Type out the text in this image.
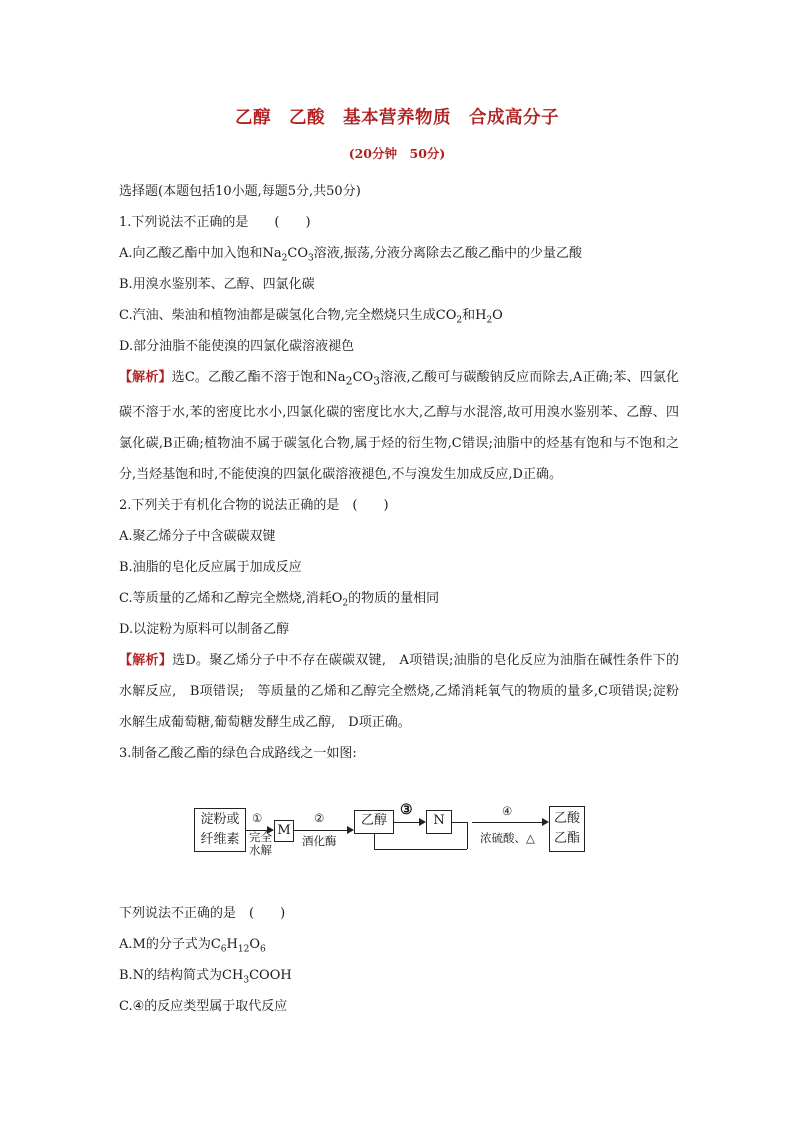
乙醇　乙酸　基本营养物质　合成高分子
(20分钟　50分)
选择题(本题包括10小题,每题5分,共50分)
1.下列说法不正确的是　　(　　)
A.向乙酸乙酯中加入饱和$Na_2CO_3$溶液,振荡,分液分离除去乙酸乙酯中的少量乙酸
B.用溴水鉴别苯、乙醇、四氯化碳
C.汽油、柴油和植物油都是碳氢化合物,完全燃烧只生成$CO_2$和$H_2O$
D.部分油脂不能使溴的四氯化碳溶液褪色
【解析】选C。乙酸乙酯不溶于饱和$Na_2CO_3$溶液,乙酸可与碳酸钠反应而除去,A正确;苯、四氯化碳不溶于水,苯的密度比水小,四氯化碳的密度比水大,乙醇与水混溶,故可用溴水鉴别苯、乙醇、四氯化碳,B正确;植物油不属于碳氢化合物,属于烃的衍生物,C错误;油脂中的烃基有饱和与不饱和之分,当烃基饱和时,不能使溴的四氯化碳溶液褪色,不与溴发生加成反应,D正确。
2.下列关于有机化合物的说法正确的是　(　　)
A.聚乙烯分子中含碳碳双键
B.油脂的皂化反应属于加成反应
C.等质量的乙烯和乙醇完全燃烧,消耗$O_2$的物质的量相同
D.以淀粉为原料可以制备乙醇
【解析】选D。聚乙烯分子中不存在碳碳双键,　A项错误;油脂的皂化反应为油脂在碱性条件下的水解反应,　B项错误;　等质量的乙烯和乙醇完全燃烧,乙烯消耗氧气的物质的量多,C项错误;淀粉水解生成葡萄糖,葡萄糖发酵生成乙醇,　D项正确。
3.制备乙酸乙酯的绿色合成路线之一如图:
淀粉或
纤维素
①
完全
水解
M
②
酒化酶
乙醇
③
N
④
浓硫酸、△
乙酸
乙酯
下列说法不正确的是　(　　)
A.M的分子式为$C_6H_{12}O_6$
B.N的结构简式为$CH_3COOH$
C.④的反应类型属于取代反应
